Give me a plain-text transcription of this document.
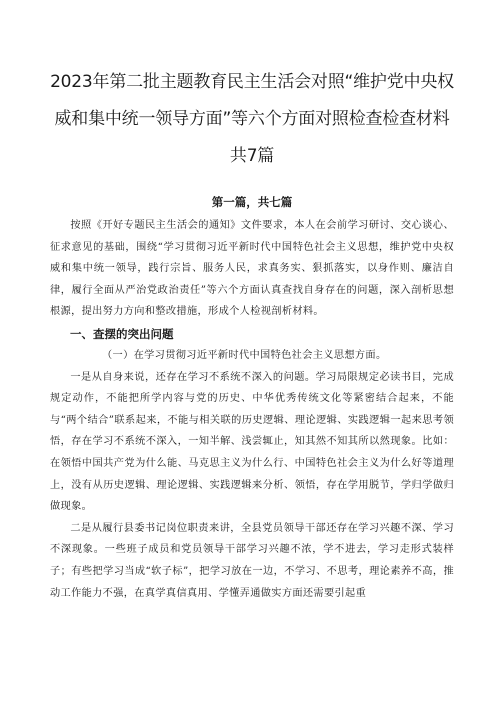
2023年第二批主题教育民主生活会对照“维护党中央权
威和集中统一领导方面”等六个方面对照检查检查材料
共7篇
第一篇，共七篇

按照《开好专题民主生活会的通知》文件要求，本人在会前学习研讨、交心谈心、征求意见的基础，围绕“学习贯彻习近平新时代中国特色社会主义思想，维护党中央权威和集中统一领导，践行宗旨、服务人民，求真务实、狠抓落实，以身作则、廉洁自律，履行全面从严治党政治责任”等六个方面认真查找自身存在的问题，深入剖析思想根源，提出努力方向和整改措施，形成个人检视剖析材料。

一、查摆的突出问题

（一）在学习贯彻习近平新时代中国特色社会主义思想方面。

一是从自身来说，还存在学习不系统不深入的问题。学习局限规定必读书目，完成规定动作，不能把所学内容与党的历史、中华优秀传统文化等紧密结合起来，不能与“两个结合”联系起来，不能与相关联的历史逻辑、理论逻辑、实践逻辑一起来思考领悟，存在学习不系统不深入，一知半解、浅尝辄止，知其然不知其所以然现象。比如：在领悟中国共产党为什么能、马克思主义为什么行、中国特色社会主义为什么好等道理上，没有从历史逻辑、理论逻辑、实践逻辑来分析、领悟，存在学用脱节，学归学做归做现象。

二是从履行县委书记岗位职责来讲，全县党员领导干部还存在学习兴趣不深、学习不深现象。一些班子成员和党员领导干部学习兴趣不浓，学不进去，学习走形式装样子；有些把学习当成“软子标”，把学习放在一边，不学习、不思考，理论素养不高，推动工作能力不强，在真学真信真用、学懂弄通做实方面还需要引起重
